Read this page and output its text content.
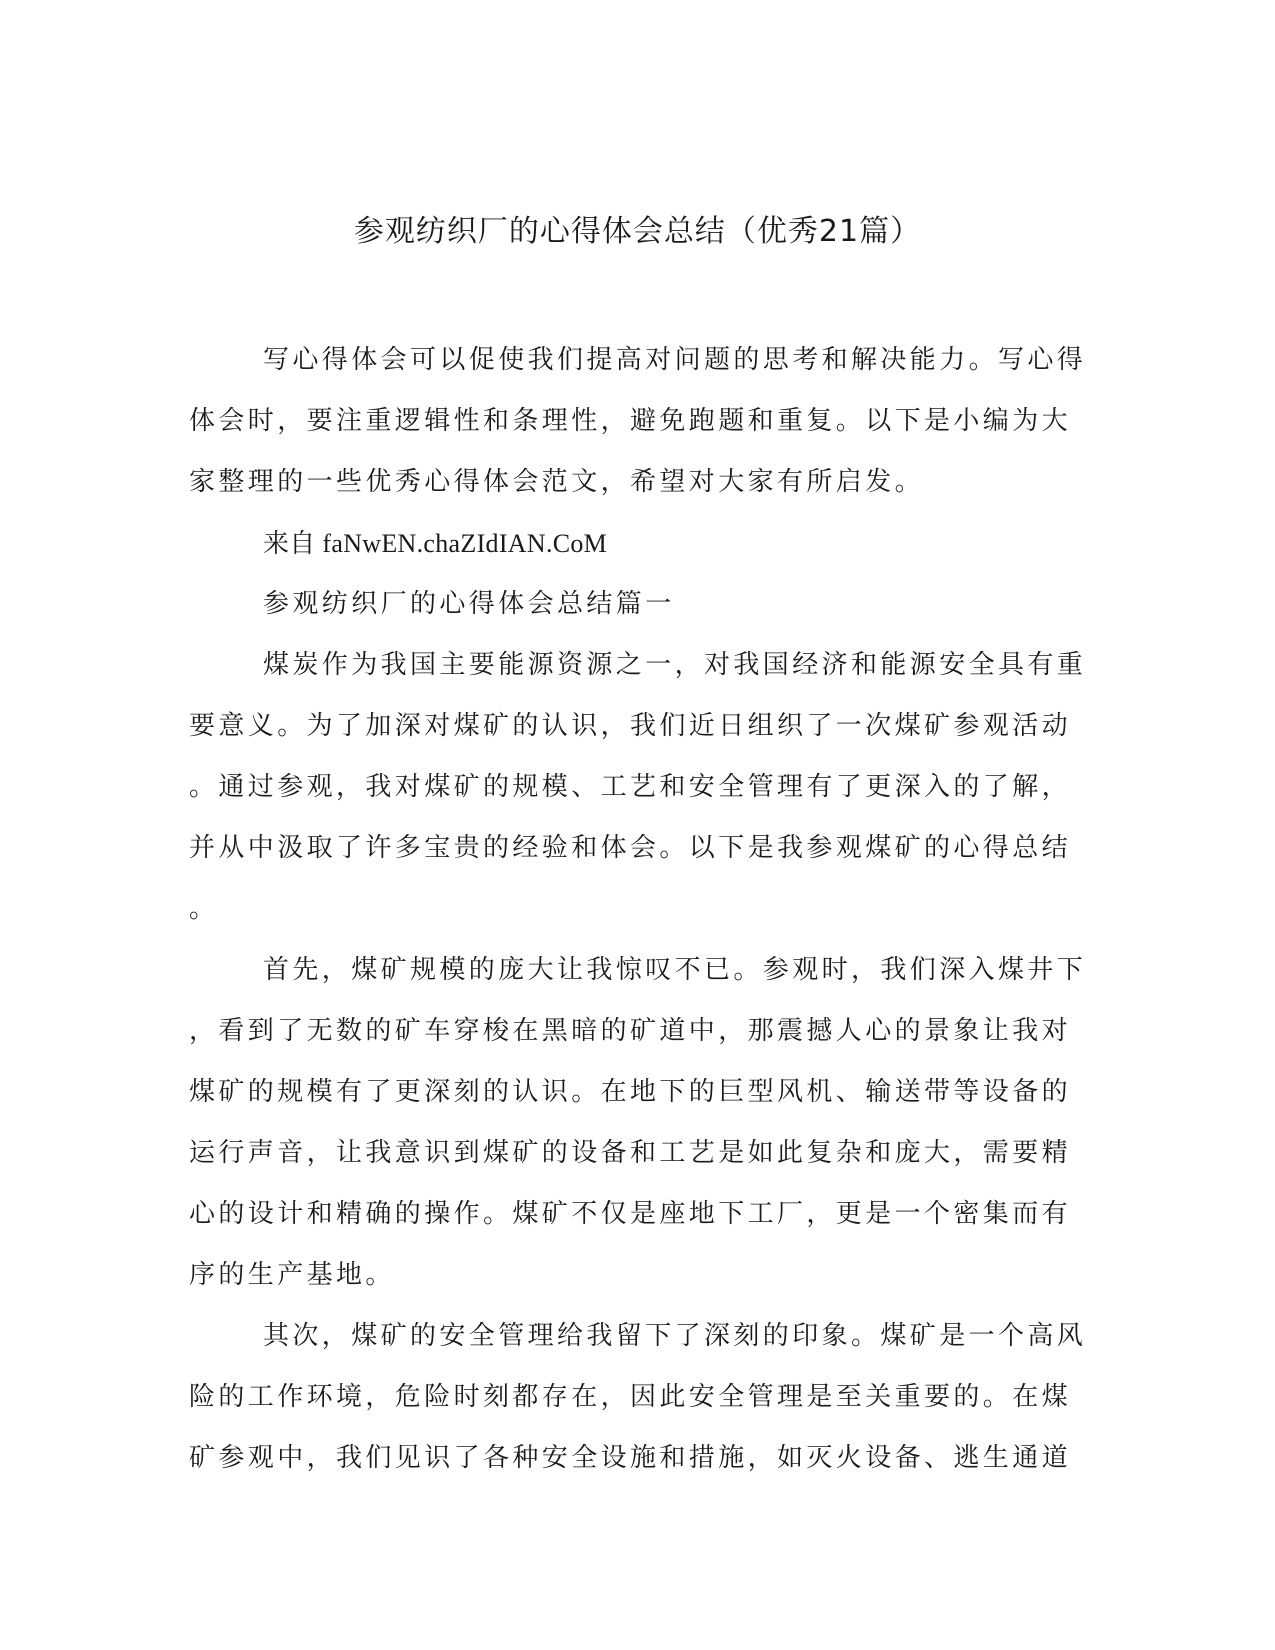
参观纺织厂的心得体会总结（优秀21篇）
写心得体会可以促使我们提高对问题的思考和解决能力。写心得
体会时，要注重逻辑性和条理性，避免跑题和重复。以下是小编为大
家整理的一些优秀心得体会范文，希望对大家有所启发。
来自 faNwEN.chaZIdIAN.CoM
参观纺织厂的心得体会总结篇一
煤炭作为我国主要能源资源之一，对我国经济和能源安全具有重
要意义。为了加深对煤矿的认识，我们近日组织了一次煤矿参观活动
。通过参观，我对煤矿的规模、工艺和安全管理有了更深入的了解，
并从中汲取了许多宝贵的经验和体会。以下是我参观煤矿的心得总结
。
首先，煤矿规模的庞大让我惊叹不已。参观时，我们深入煤井下
，看到了无数的矿车穿梭在黑暗的矿道中，那震撼人心的景象让我对
煤矿的规模有了更深刻的认识。在地下的巨型风机、输送带等设备的
运行声音，让我意识到煤矿的设备和工艺是如此复杂和庞大，需要精
心的设计和精确的操作。煤矿不仅是座地下工厂，更是一个密集而有
序的生产基地。
其次，煤矿的安全管理给我留下了深刻的印象。煤矿是一个高风
险的工作环境，危险时刻都存在，因此安全管理是至关重要的。在煤
矿参观中，我们见识了各种安全设施和措施，如灭火设备、逃生通道
